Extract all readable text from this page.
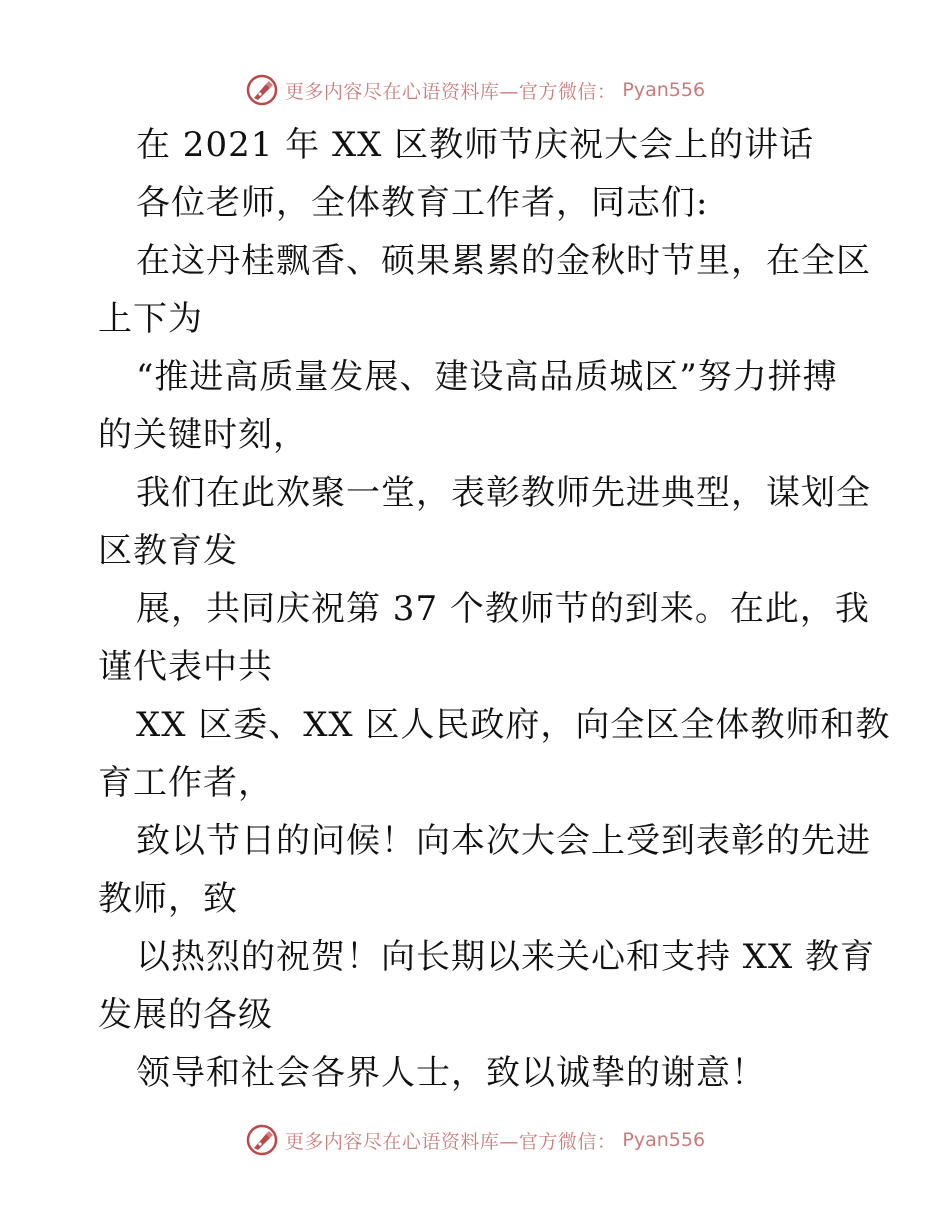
更多内容尽在心语资料库—官方微信： Pyan556
在 2021 年 XX 区教师节庆祝大会上的讲话
各位老师，全体教育工作者，同志们:
在这丹桂飘香、硕果累累的金秋时节里，在全区
上下为
“推进高质量发展、建设高品质城区”努力拼搏
的关键时刻，
我们在此欢聚一堂，表彰教师先进典型，谋划全
区教育发
展，共同庆祝第 37 个教师节的到来。在此，我
谨代表中共
XX 区委、XX 区人民政府，向全区全体教师和教
育工作者，
致以节日的问候！向本次大会上受到表彰的先进
教师，致
以热烈的祝贺！向长期以来关心和支持 XX 教育
发展的各级
领导和社会各界人士，致以诚挚的谢意！
更多内容尽在心语资料库—官方微信： Pyan556
